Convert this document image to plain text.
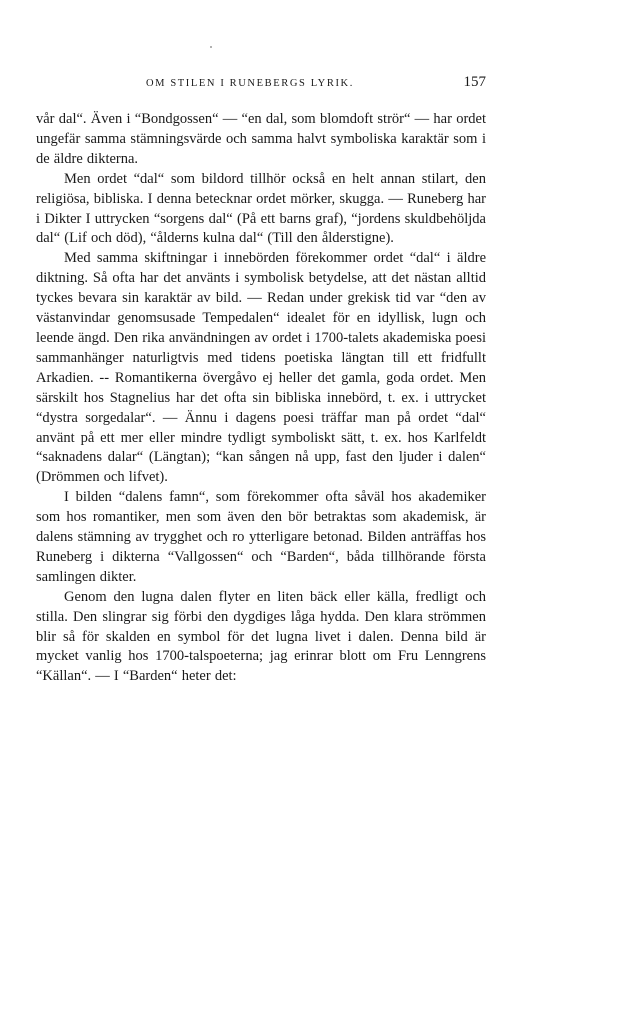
OM STILEN I RUNEBERGS LYRIK.	157

vår dal“. Även i “Bondgossen“ — “en dal, som blomdoft strör“ — har ordet ungefär samma stämningsvärde och samma halvt symboliska karaktär som i de äldre dikterna.

Men ordet “dal“ som bildord tillhör också en helt annan stilart, den religiösa, bibliska. I denna betecknar ordet mörker, skugga. — Runeberg har i Dikter I uttrycken “sorgens dal“ (På ett barns graf), “jordens skuldbehöljda dal“ (Lif och död), “ålderns kulna dal“ (Till den ålderstigne).

Med samma skiftningar i innebörden förekommer ordet “dal“ i äldre diktning. Så ofta har det använts i symbolisk betydelse, att det nästan alltid tyckes bevara sin karaktär av bild. — Redan under grekisk tid var “den av västanvindar genomsusade Tempedalen“ idealet för en idyllisk, lugn och leende ängd. Den rika användningen av ordet i 1700-talets akademiska poesi sammanhänger naturligtvis med tidens poetiska längtan till ett fridfullt Arkadien. -- Romantikerna övergåvo ej heller det gamla, goda ordet. Men särskilt hos Stagnelius har det ofta sin bibliska innebörd, t. ex. i uttrycket “dystra sorgedalar“. — Ännu i dagens poesi träffar man på ordet “dal“ använt på ett mer eller mindre tydligt symboliskt sätt, t. ex. hos Karlfeldt “saknadens dalar“ (Längtan); “kan sången nå upp, fast den ljuder i dalen“ (Drömmen och lifvet).

I bilden “dalens famn“, som förekommer ofta såväl hos akademiker som hos romantiker, men som även den bör betraktas som akademisk, är dalens stämning av trygghet och ro ytterligare betonad. Bilden anträffas hos Runeberg i dikterna “Vallgossen“ och “Barden“, båda tillhörande första samlingen dikter.

Genom den lugna dalen flyter en liten bäck eller källa, fredligt och stilla. Den slingrar sig förbi den dygdiges låga hydda. Den klara strömmen blir så för skalden en symbol för det lugna livet i dalen. Denna bild är mycket vanlig hos 1700-talspoeterna; jag erinrar blott om Fru Lenngrens “Källan“. — I “Barden“ heter det:
